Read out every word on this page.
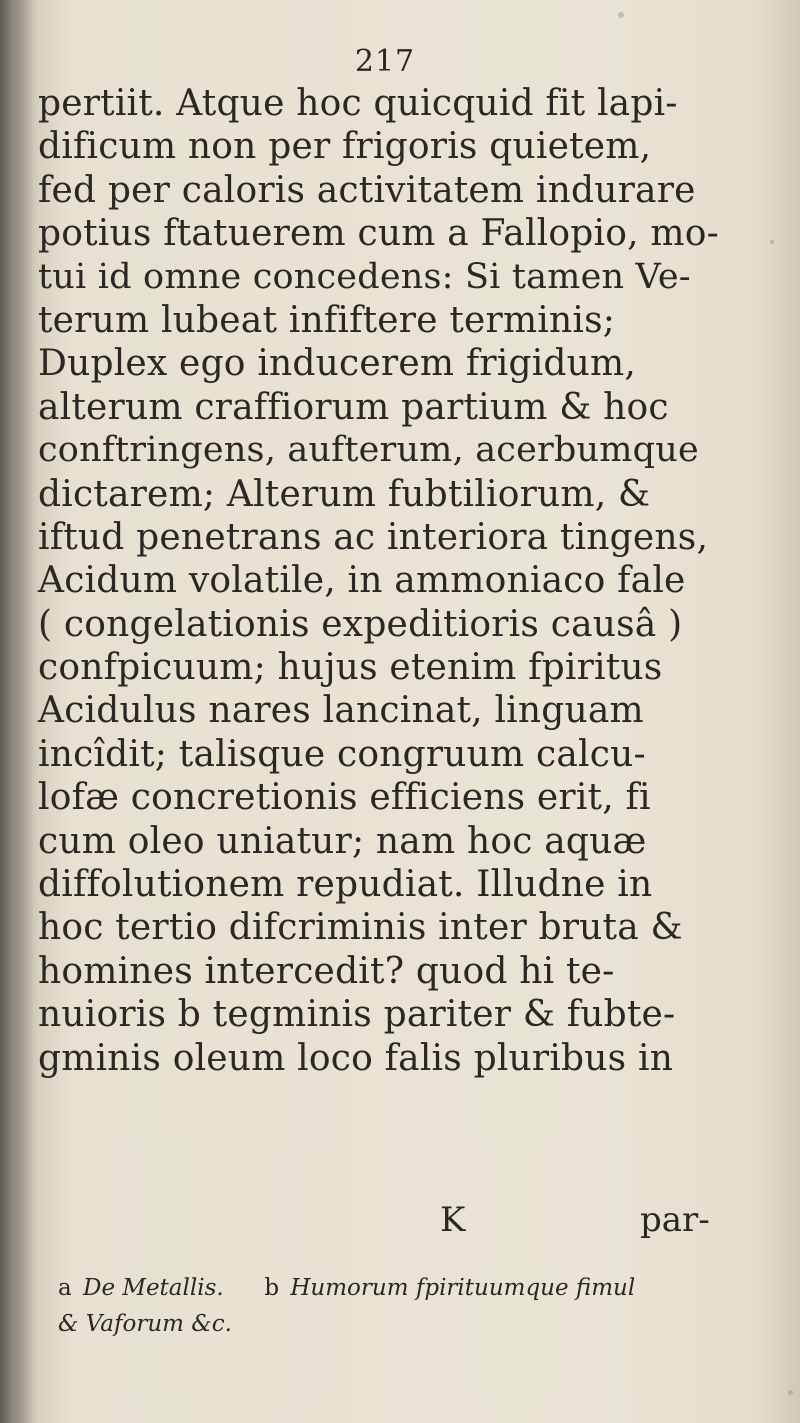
217
pertiit. Atque hoc quicquid fit lapi-
dificum non per frigoris quietem,
fed per caloris activitatem indurare
potius ftatuerem cum a Fallopio, mo-
tui id omne concedens: Si tamen Ve-
terum lubeat infiftere terminis;
Duplex ego inducerem frigidum,
alterum craffiorum partium & hoc
conftringens, aufterum, acerbumque
dictarem; Alterum fubtiliorum, &
iftud penetrans ac interiora tingens,
Acidum volatile, in ammoniaco fale
( congelationis expeditioris causâ )
confpicuum; hujus etenim fpiritus
Acidulus nares lancinat, linguam
incîdit; talisque congruum calcu-
lofæ concretionis efficiens erit, fi
cum oleo uniatur; nam hoc aquæ
diffolutionem repudiat. Illudne in
hoc tertio difcriminis inter bruta &
homines intercedit? quod hi te-
nuioris b tegminis pariter & fubte-
gminis oleum loco falis pluribus in
K	par-
a De Metallis. b Humorum fpirituumque fimul
& Vaforum &c.
